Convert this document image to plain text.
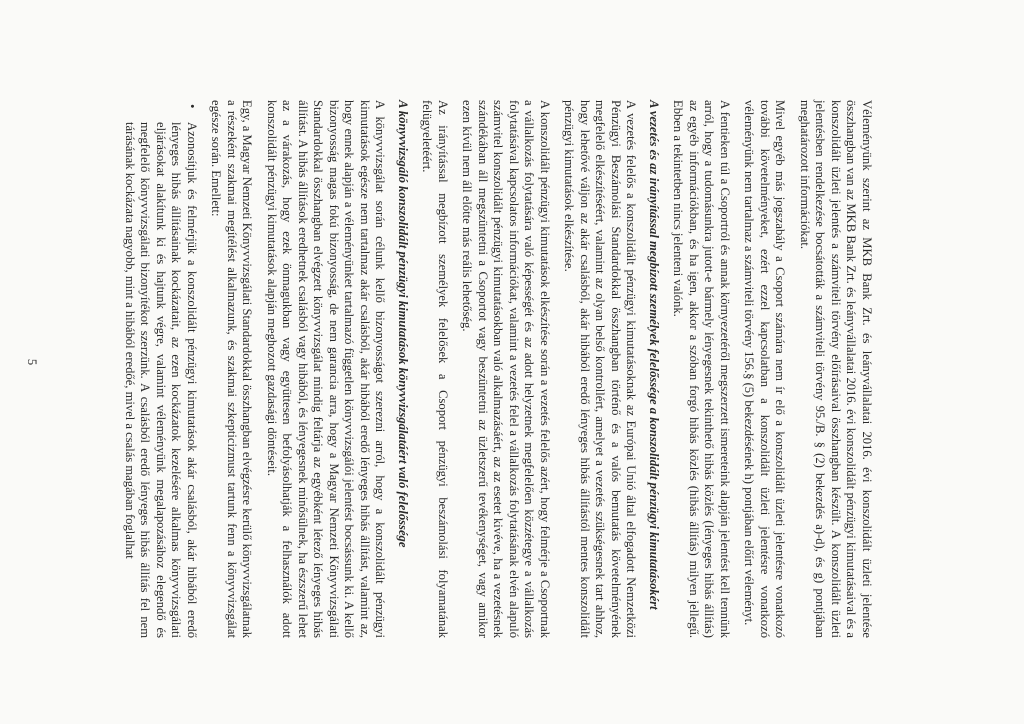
Véleményünk szerint az MKB Bank Zrt. és leányvállalatai 2016. évi konszolidált üzleti jelentése összhangban van az MKB Bank Zrt. és leányvállalatai 2016. évi konszolidált pénzügyi kimutatásaival és a konszolidált üzleti jelentés a számviteli törvény előírásaival összhangban készült. A konszolidált üzleti jelentésben rendelkezése bocsátották a számviteli törvény 95./B. § (2) bekezdés a)-d), és g) pontjában meghatározott információkat.

Mivel egyéb más jogszabály a Csoport számára nem ír elő a konszolidált üzleti jelentésre vonatkozó további követelményeket, ezért ezzel kapcsolatban a konszolidált üzleti jelentésre vonatkozó véleményünk nem tartalmaz a számviteli törvény 156.§ (5) bekezdésének h) pontjában előírt véleményt.

A fentieken túl a Csoportról és annak környezetéről megszerzett ismereteink alapján jelentést kell tennünk arról, hogy a tudomásunkra jutott-e bármely lényegesnek tekinthető hibás közlés (lényeges hibás állítás) az egyéb információkban, és ha igen, akkor a szóban forgó hibás közlés (hibás állítás) milyen jellegű. Ebben a tekintetben nincs jelenteni valónk.

A vezetés és az irányítással megbízott személyek felelőssége a konszolidált pénzügyi kimutatásokért

A vezetés felelős a konszolidált pénzügyi kimutatásoknak az Európai Unió által elfogadott Nemzetközi Pénzügyi Beszámolási Standardokkal összhangban történő és a valós bemutatás követelményének megfelelő elkészítéséért, valamint az olyan belső kontrollért, amelyet a vezetés szükségesnek tart ahhoz, hogy lehetővé váljon az akár csalásból, akár hibából eredő lényeges hibás állítástól mentes konszolidált pénzügyi kimutatások elkészítése.

A konszolidált pénzügyi kimutatások elkészítése során a vezetés felelős azért, hogy felmérje a Csoportnak a vállalkozás folytatására való képességét és az adott helyzetnek megfelelően közzétegye a vállalkozás folytatásával kapcsolatos információkat, valamint a vezetés felel a vállalkozás folytatásának elvén alapuló számvitel konszolidált pénzügyi kimutatásokban való alkalmazásáért, az az esetet kivéve, ha a vezetésnek szándékában áll megszüntetni a Csoportot vagy beszüntetni az üzletszerű tevékenységet, vagy amikor ezen kívül nem áll előtte más reális lehetőség.

Az irányítással megbízott személyek felelősek a Csoport pénzügyi beszámolási folyamatának felügyeletéért.

A könyvvizsgáló konszolidált pénzügyi kimutatások könyvvizsgálatáért való felelőssége

A könyvvizsgálat során célunk kellő bizonyosságot szerezni arról, hogy a konszolidált pénzügyi kimutatások egésze nem tartalmaz akár csalásból, akár hibából eredő lényeges hibás állítást, valamint az, hogy ennek alapján a véleményünket tartalmazó független könyvvizsgálói jelentést bocsássunk ki. A kellő bizonyosság magas fokú bizonyosság, de nem garancia arra, hogy a Magyar Nemzeti Könyvvizsgálati Standardokkal összhangban elvégzett könyvvizsgálat mindig feltárja az egyébként létező lényeges hibás állítást. A hibás állítások eredhetnek csalásból vagy hibából, és lényegesnek minősülnek, ha észszerű lehet az a várakozás, hogy ezek önmagukban vagy együttesen befolyásolhatják a felhasználók adott konszolidált pénzügyi kimutatások alapján meghozott gazdasági döntéseit.

Egy, a Magyar Nemzeti Könyvvizsgálati Standardokkal összhangban elvégzésre kerülő könyvvizsgálatnak a részeként szakmai megítélést alkalmazunk, és szakmai szkepticizmust tartunk fenn a könyvvizsgálat egésze során. Emellett:

•
Azonosítjuk és felmérjük a konszolidált pénzügyi kimutatások akár csalásból, akár hibából eredő lényeges hibás állításainak kockázatait, az ezen kockázatok kezelésére alkalmas könyvvizsgálati eljárásokat alakítunk ki és hajtunk végre, valamint véleményünk megalapozásához elegendő és megfelelő könyvvizsgálati bizonyítékot szerzünk. A csalásból eredő lényeges hibás állítás fel nem tárásának kockázata nagyobb, mint a hibából eredőé, mivel a csalás magában foglalhat
5
